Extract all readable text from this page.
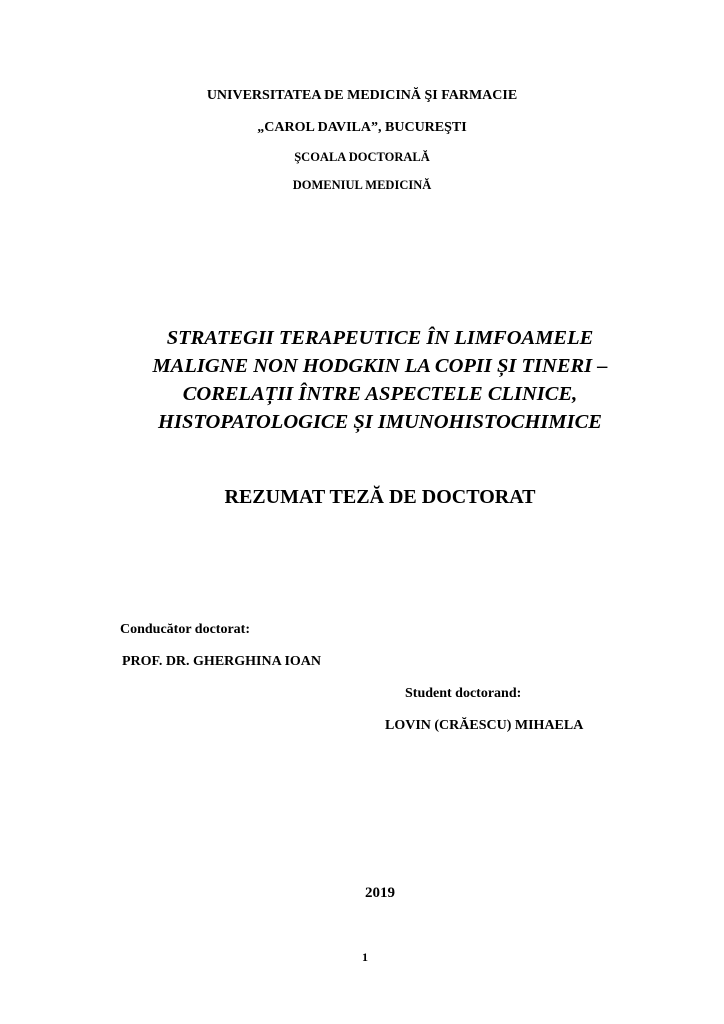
UNIVERSITATEA DE MEDICINĂ ŞI FARMACIE
„CAROL DAVILA”, BUCUREŞTI
ŞCOALA DOCTORALĂ
DOMENIUL MEDICINĂ
STRATEGII TERAPEUTICE ÎN LIMFOAMELE
MALIGNE NON HODGKIN LA COPII ȘI TINERI –
CORELAȚII ÎNTRE ASPECTELE CLINICE,
HISTOPATOLOGICE ȘI IMUNOHISTOCHIMICE
REZUMAT TEZĂ DE DOCTORAT
Conducător doctorat:
PROF. DR. GHERGHINA IOAN
Student doctorand:
LOVIN (CRĂESCU) MIHAELA
2019
1
